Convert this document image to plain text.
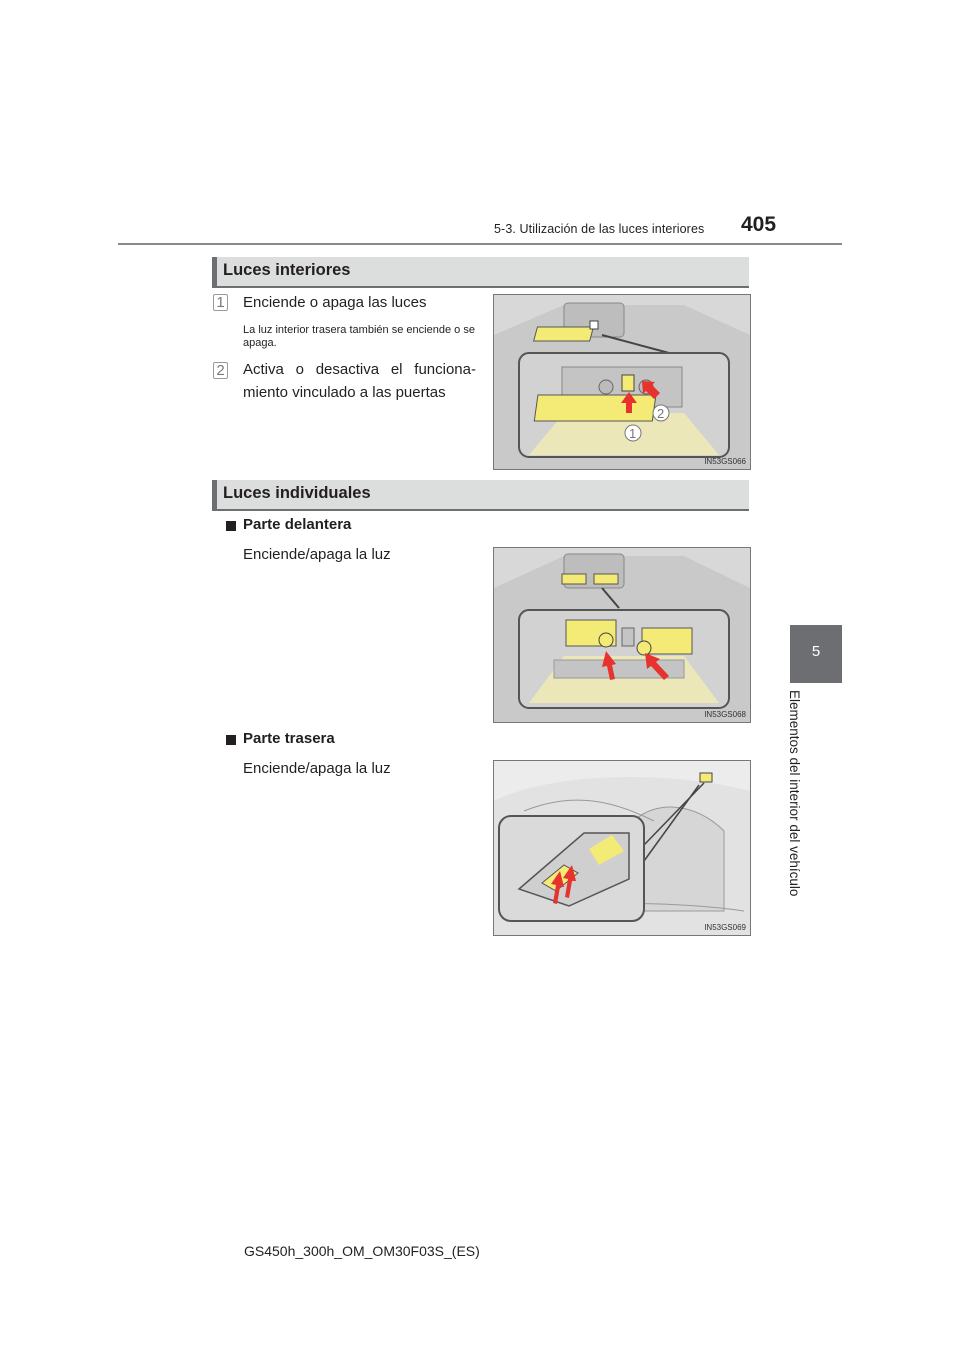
5-3. Utilización de las luces interiores 405
5
Elementos del interior del vehículo
Luces interiores
1 Enciende o apaga las luces
La luz interior trasera también se enciende o se apaga.
2 Activa o desactiva el funciona-
miento vinculado a las puertas
2
1
IN53GS066
Luces individuales
Parte delantera
Enciende/apaga la luz
IN53GS068
Parte trasera
Enciende/apaga la luz
IN53GS069
GS450h_300h_OM_OM30F03S_(ES)
